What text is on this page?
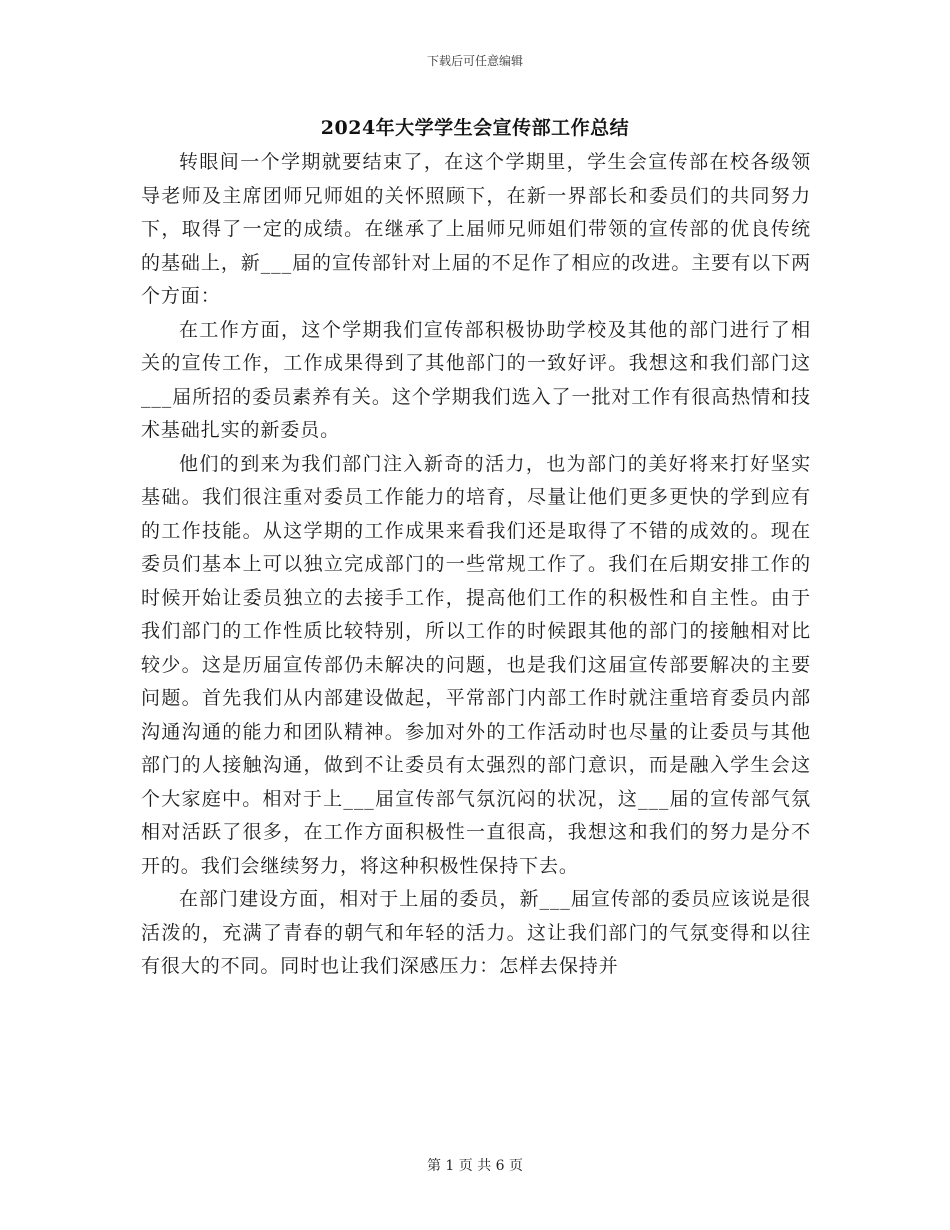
下载后可任意编辑
2024年大学学生会宣传部工作总结

转眼间一个学期就要结束了，在这个学期里，学生会宣传部在校各级领导老师及主席团师兄师姐的关怀照顾下，在新一界部长和委员们的共同努力下，取得了一定的成绩。在继承了上届师兄师姐们带领的宣传部的优良传统的基础上，新___届的宣传部针对上届的不足作了相应的改进。主要有以下两个方面：

在工作方面，这个学期我们宣传部积极协助学校及其他的部门进行了相关的宣传工作，工作成果得到了其他部门的一致好评。我想这和我们部门这___届所招的委员素养有关。这个学期我们选入了一批对工作有很高热情和技术基础扎实的新委员。

他们的到来为我们部门注入新奇的活力，也为部门的美好将来打好坚实基础。我们很注重对委员工作能力的培育，尽量让他们更多更快的学到应有的工作技能。从这学期的工作成果来看我们还是取得了不错的成效的。现在委员们基本上可以独立完成部门的一些常规工作了。我们在后期安排工作的时候开始让委员独立的去接手工作，提高他们工作的积极性和自主性。由于我们部门的工作性质比较特别，所以工作的时候跟其他的部门的接触相对比较少。这是历届宣传部仍未解决的问题，也是我们这届宣传部要解决的主要问题。首先我们从内部建设做起，平常部门内部工作时就注重培育委员内部沟通沟通的能力和团队精神。参加对外的工作活动时也尽量的让委员与其他部门的人接触沟通，做到不让委员有太强烈的部门意识，而是融入学生会这个大家庭中。相对于上___届宣传部气氛沉闷的状况，这___届的宣传部气氛相对活跃了很多，在工作方面积极性一直很高，我想这和我们的努力是分不开的。我们会继续努力，将这种积极性保持下去。

在部门建设方面，相对于上届的委员，新___届宣传部的委员应该说是很活泼的，充满了青春的朝气和年轻的活力。这让我们部门的气氛变得和以往有很大的不同。同时也让我们深感压力：怎样去保持并

第 1 页 共 6 页
